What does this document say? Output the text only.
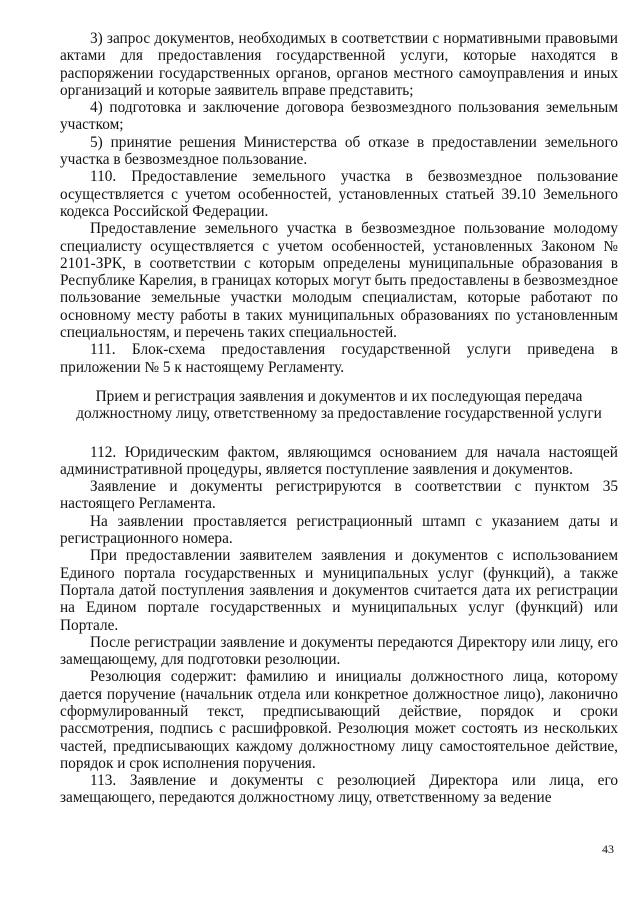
3) запрос документов, необходимых в соответствии с нормативными правовыми актами для предоставления государственной услуги, которые находятся в распоряжении государственных органов, органов местного самоуправления и иных организаций и которые заявитель вправе представить;

4) подготовка и заключение договора безвозмездного пользования земельным участком;

5) принятие решения Министерства об отказе в предоставлении земельного участка в безвозмездное пользование.

110. Предоставление земельного участка в безвозмездное пользование осуществляется с учетом особенностей, установленных статьей 39.10 Земельного кодекса Российской Федерации.

Предоставление земельного участка в безвозмездное пользование молодому специалисту осуществляется с учетом особенностей, установленных Законом № 2101-ЗРК, в соответствии с которым определены муниципальные образования в Республике Карелия, в границах которых могут быть предоставлены в безвозмездное пользование земельные участки молодым специалистам, которые работают по основному месту работы в таких муниципальных образованиях по установленным специальностям, и перечень таких специальностей.

111. Блок-схема предоставления государственной услуги приведена в приложении № 5 к настоящему Регламенту.

Прием и регистрация заявления и документов и их последующая передача
должностному лицу, ответственному за предоставление государственной услуги

112. Юридическим фактом, являющимся основанием для начала настоящей административной процедуры, является поступление заявления и документов.

Заявление и документы регистрируются в соответствии с пунктом 35 настоящего Регламента.

На заявлении проставляется регистрационный штамп с указанием даты и регистрационного номера.

При предоставлении заявителем заявления и документов с использованием Единого портала государственных и муниципальных услуг (функций), а также Портала датой поступления заявления и документов считается дата их регистрации на Едином портале государственных и муниципальных услуг (функций) или Портале.

После регистрации заявление и документы передаются Директору или лицу, его замещающему, для подготовки резолюции.

Резолюция содержит: фамилию и инициалы должностного лица, которому дается поручение (начальник отдела или конкретное должностное лицо), лаконично сформулированный текст, предписывающий действие, порядок и сроки рассмотрения, подпись с расшифровкой. Резолюция может состоять из нескольких частей, предписывающих каждому должностному лицу самостоятельное действие, порядок и срок исполнения поручения.

113. Заявление и документы с резолюцией Директора или лица, его замещающего, передаются должностному лицу, ответственному за ведение

43
